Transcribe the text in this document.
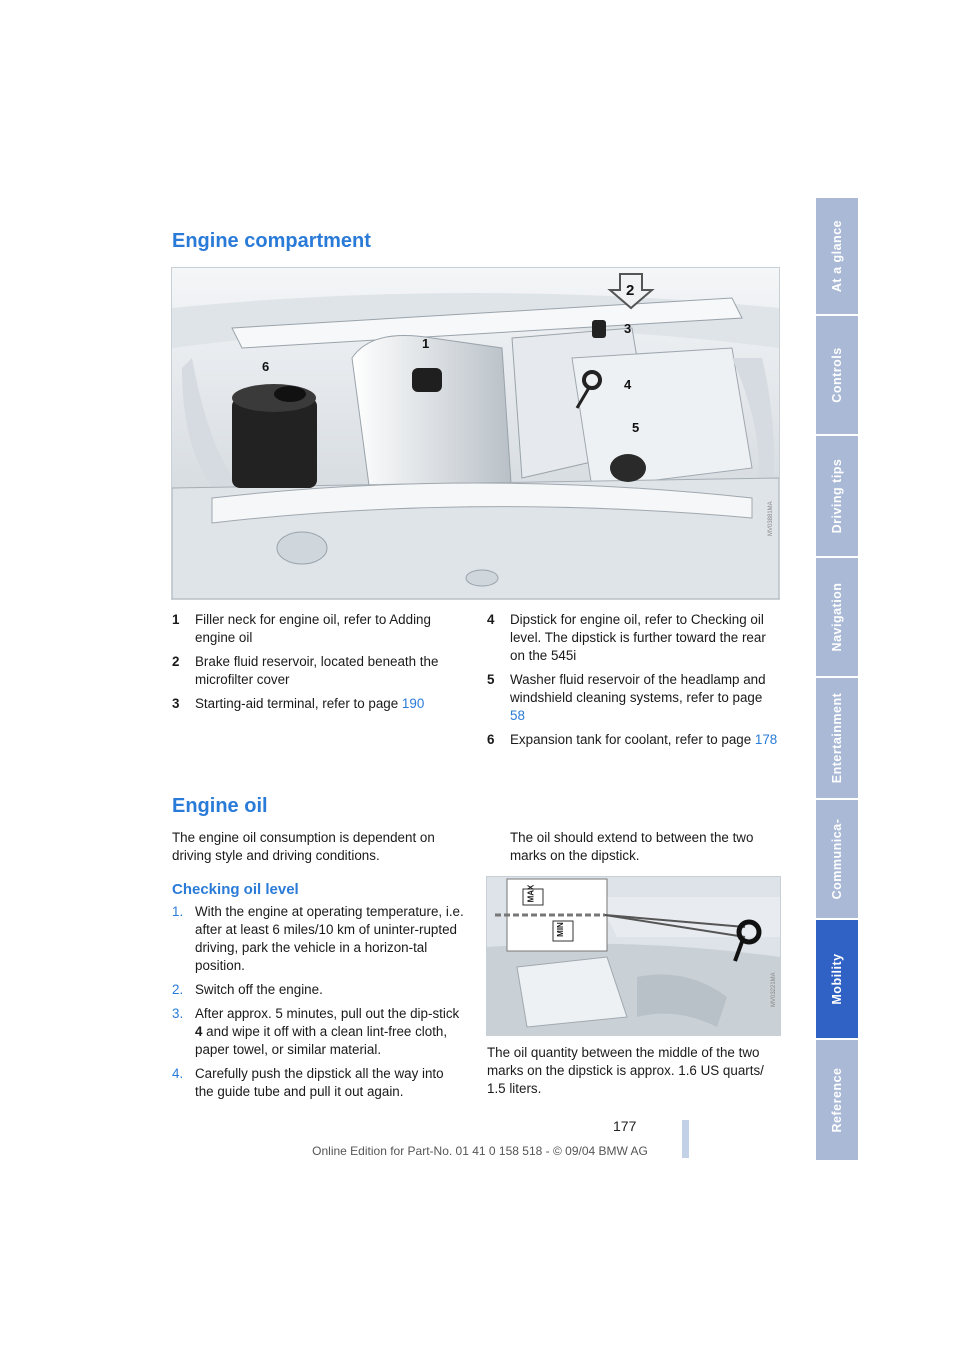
At a glance
Controls
Driving tips
Navigation
Entertainment
Communica-
Mobility
Reference
Engine compartment
1
2
3
4
5
6
MV03881MA
1 Filler neck for engine oil, refer to Adding engine oil
2 Brake fluid reservoir, located beneath the microfilter cover
3 Starting-aid terminal, refer to page 190
4 Dipstick for engine oil, refer to Checking oil level. The dipstick is further toward the rear on the 545i
5 Washer fluid reservoir of the headlamp and windshield cleaning systems, refer to page 58
6 Expansion tank for coolant, refer to page 178
Engine oil
The engine oil consumption is dependent on driving style and driving conditions.
Checking oil level
1. With the engine at operating temperature, i.e. after at least 6 miles/10 km of uninter-rupted driving, park the vehicle in a horizon-tal position.
2. Switch off the engine.
3. After approx. 5 minutes, pull out the dip-stick 4 and wipe it off with a clean lint-free cloth, paper towel, or similar material.
4. Carefully push the dipstick all the way into the guide tube and pull it out again.
The oil should extend to between the two marks on the dipstick.
MAX
MIN
MV03221MA
The oil quantity between the middle of the two marks on the dipstick is approx. 1.6 US quarts/ 1.5 liters.
177
Online Edition for Part-No. 01 41 0 158 518 - © 09/04 BMW AG
